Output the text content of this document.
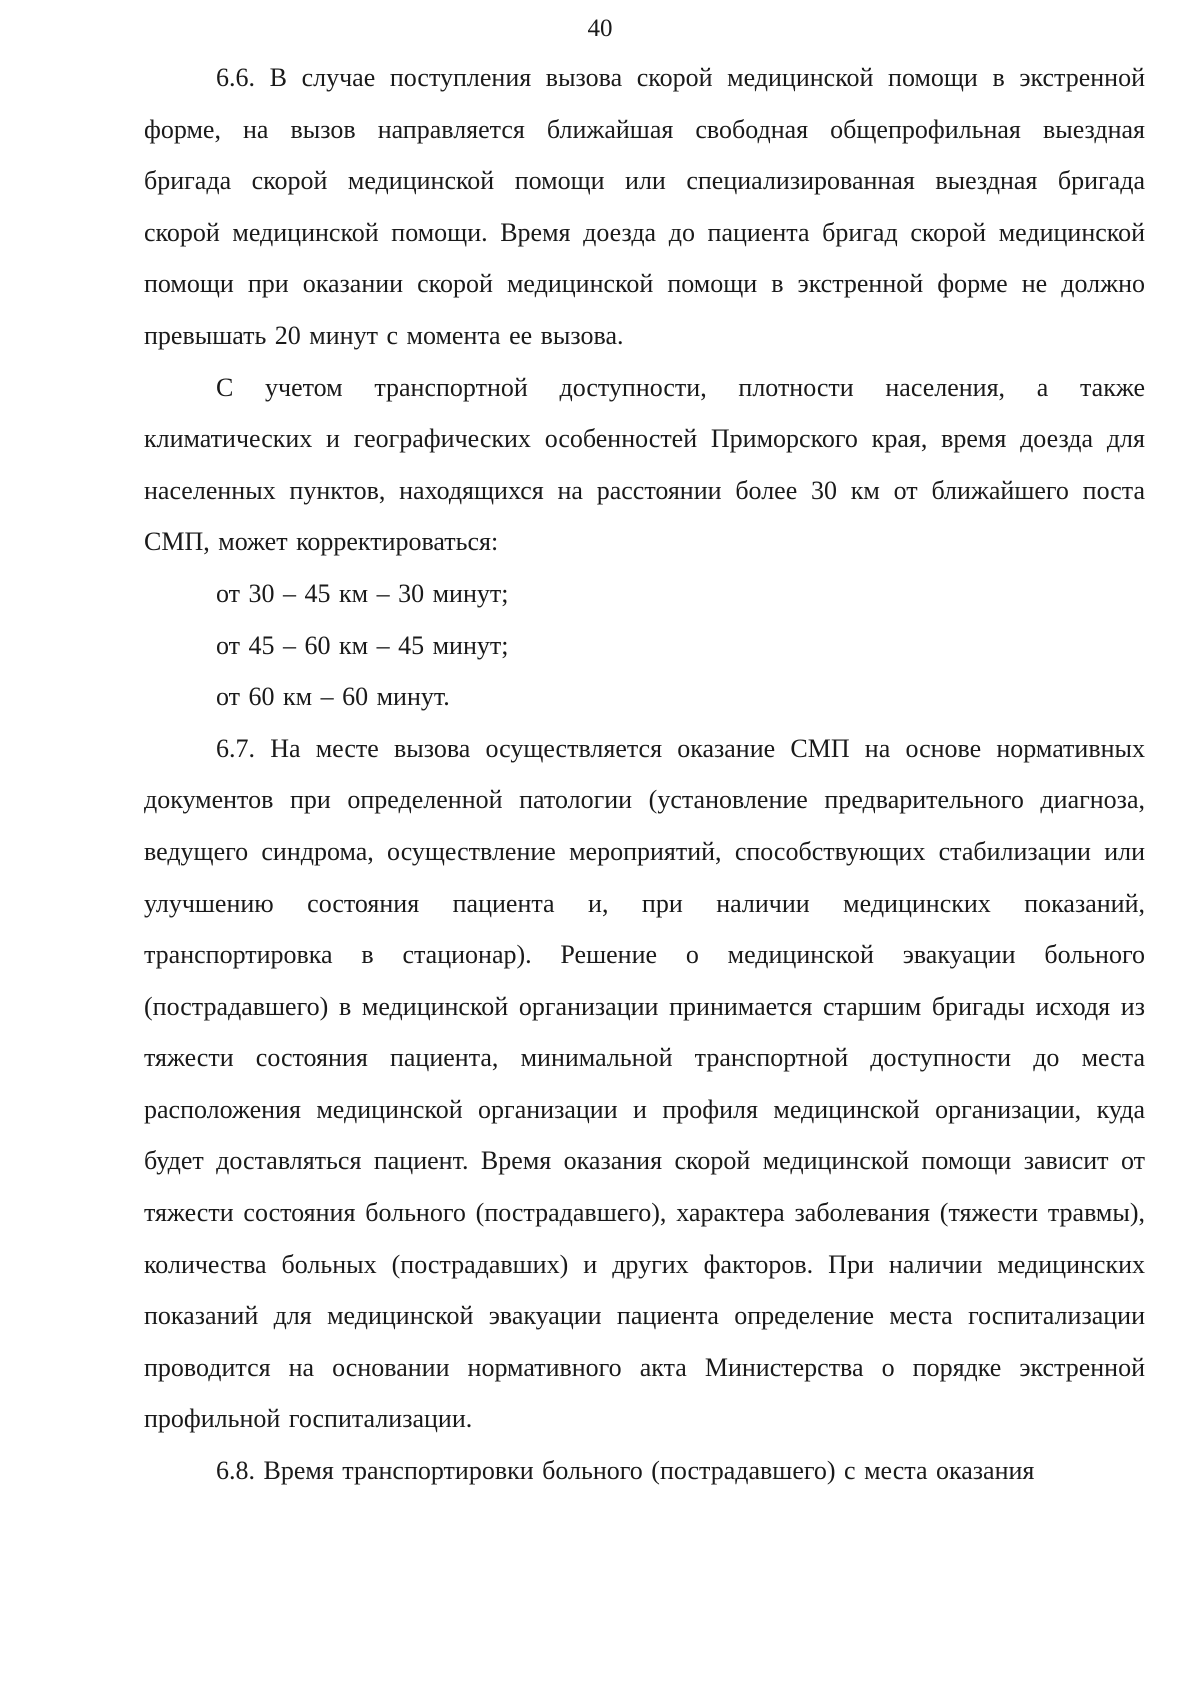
40

6.6. В случае поступления вызова скорой медицинской помощи в экстренной форме, на вызов направляется ближайшая свободная общепрофильная выездная бригада скорой медицинской помощи или специализированная выездная бригада скорой медицинской помощи. Время доезда до пациента бригад скорой медицинской помощи при оказании скорой медицинской помощи в экстренной форме не должно превышать 20 минут с момента ее вызова.

С учетом транспортной доступности, плотности населения, а также климатических и географических особенностей Приморского края, время доезда для населенных пунктов, находящихся на расстоянии более 30 км от ближайшего поста СМП, может корректироваться:

от 30 – 45 км – 30 минут;

от 45 – 60 км – 45 минут;

от 60 км – 60 минут.

6.7. На месте вызова осуществляется оказание СМП на основе нормативных документов при определенной патологии (установление предварительного диагноза, ведущего синдрома, осуществление мероприятий, способствующих стабилизации или улучшению состояния пациента и, при наличии медицинских показаний, транспортировка в стационар). Решение о медицинской эвакуации больного (пострадавшего) в медицинской организации принимается старшим бригады исходя из тяжести состояния пациента, минимальной транспортной доступности до места расположения медицинской организации и профиля медицинской организации, куда будет доставляться пациент. Время оказания скорой медицинской помощи зависит от тяжести состояния больного (пострадавшего), характера заболевания (тяжести травмы), количества больных (пострадавших) и других факторов. При наличии медицинских показаний для медицинской эвакуации пациента определение места госпитализации проводится на основании нормативного акта Министерства о порядке экстренной профильной госпитализации.

6.8. Время транспортировки больного (пострадавшего) с места оказания
